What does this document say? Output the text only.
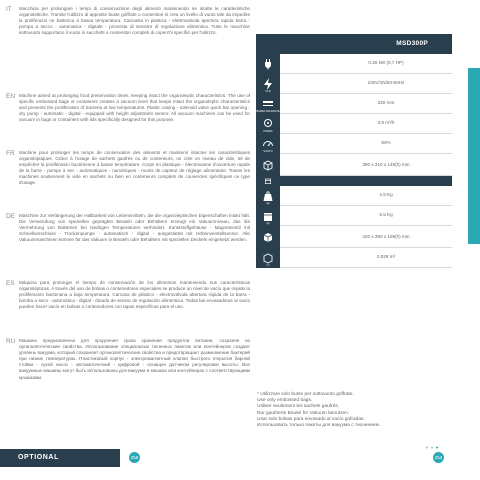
IT Macchina per prolungare i tempi di conservazione degli alimenti mantenendo ne intatte le caratteristiche organolettiche. Tramite l'utilizzo di apposite buste goffrate o contenitori si crea un livello di vuoto tale da impedire la proliferazio ne batterica a bassa temperatura. Carcassa in plastica - elettrovalvola apertura rapida barra - pompa a secco - automatica - digitale - provvista di sensore di regolazione alimentica. Tutte le macchine sottovuoto supportano il vuoto in sacchetti o contenitori completi di coperchi specifici per l'utilizzo.

EN Machine aimed at prolonging food preservation times, keeping intact the organoleptic characteristics. The use of specific embossed bags or containers creates a vacuum level that keeps intact the organoleptic characteristics and prevents the proliferation of bacteria at low temperatures. Plastic casing - solenoid valve quick bar opening - dry pump - automatic - digital - equipped with height adjustment sensor. All vacuum machines can be used for vacuum in bags or containers with lids specifically designed for this purpose.

FR Machine pour prolonger les temps de conservation des aliments et maintenir intactes les caractéristiques organoleptiques. Grâce à l'usage de sachets gaufrés ou de conteneurs, on crée un niveau de vide, tel de empêcher la prolifération bactérienne à basse température. Corps en plastique - électrovanne d'ouverture rapide de la barre - pompe à sec - automatiques - numériques - munis de capteur de réglage alimentaire. Toutes les machines soutiennent le vide en sachets ou bien en conteneurs complets de couvercles spécifiques ce type d'usage.

DE Maschine zur Verlängerung der Haltbarkeit von Lebensmitteln, die die organoleptischen Eigenschaften intakt hält. Die Verwendung von speziellen geprägten Beuteln oder Behältern erzeugt ein Vakuumniveau, das die Vermehrung von Bakterien bei niedrigen Temperaturen verhindert. Kunststoffgehäuse - Magnetventil mit Schnellverschluss - Trockenpumpe - automatisch - digital - ausgestattet mit Höhenverstellsensor. Alle Vakuummaschinen können für das Vakuum in Beuteln oder Behältern mit speziellen Deckeln eingesetzt werden.

ES Máquina para prolongar el tiempo de conservación de los alimentos manteniendo sus características organolépticas. A través del uso de bolsas o contenedores especiales se produce un nivel de vacío que impide la proliferación bacteriana a baja temperatura. Carcasa de plástico - electroválvula abertura rápida de la barra - bomba a seco - automática - digital - dotado de sensor de regulación alimenticia. Todas las envasadoras al vacío pueden hacer vacío en bolsas o contenedores con tapas específicas para el uso.

RU Машина предназначена для продления срока хранения продуктов питания, сохраняя их органолептические свойства. Использование специальных тисненых пакетов или контейнеров создает уровень вакуума, который сохраняет органолептические свойства и предотвращает размножение бактерий при низких температурах. Пластиковый корпус - электромагнитный клапан быстрого открытия барной стойки - сухой насос - автоматический - цифровой - оснащен датчиком регулировки высоты. Все вакуумные машины могут быть использованы для вакуума в мешках или контейнерах с соответствующими крышками.

MSD300P
0,40 kW (0,7 HP)
V-Hz
230V/1N/50-60Hz
BARRA SALDANTE
320 mm
POMPA
0,8 m³/h
VUOTO
80%
390 x 310 x 148(h) mm
kg
4,5 Kg
kg
5,5 Kg
420 x 350 x 159(h) mm
m³
0,028 m³

* Utilizzare solo buste per sottovuoto goffrate.

Use only embossed bags.

Utiliser seulement les sachets gaufrés.

Nur gaufrierte Beutel für Vakuum benutzen.

Usar solo bolsas para envasado al vacío gofradas.

Использовать только пакеты для вакуума с тиснением.

OPTIONAL	258	253
